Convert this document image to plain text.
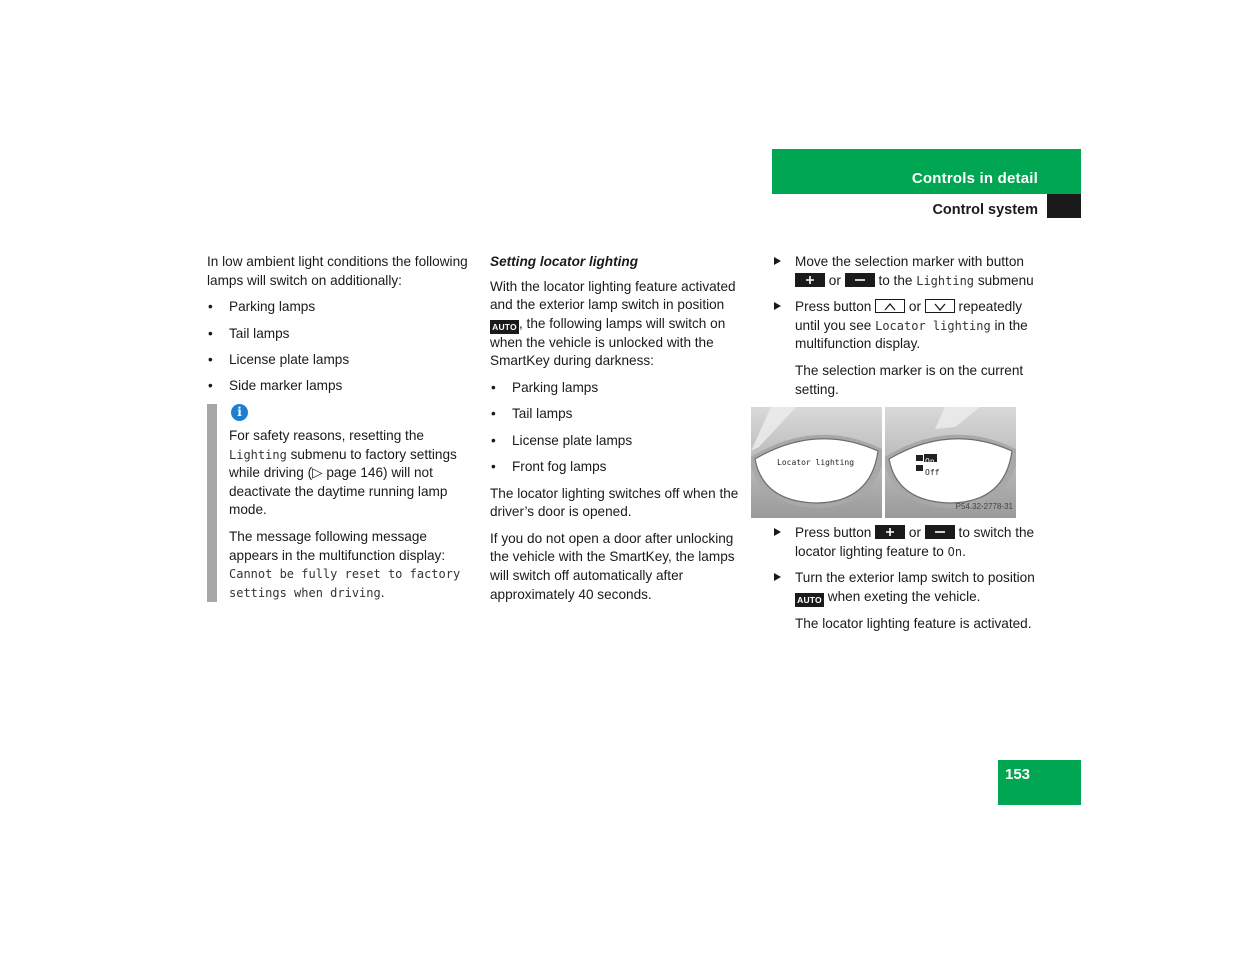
Controls in detail
Control system

In low ambient light conditions the following lamps will switch on additionally:

• Parking lamps
• Tail lamps
• License plate lamps
• Side marker lamps
i

For safety reasons, resetting the Lighting submenu to factory settings while driving (▷ page 146) will not deactivate the daytime running lamp mode.

The message following message appears in the multifunction display: Cannot be fully reset to factory settings when driving.

Setting locator lighting

With the locator lighting feature activated and the exterior lamp switch in position AUTO , the following lamps will switch on when the vehicle is unlocked with the SmartKey during darkness:

• Parking lamps
• Tail lamps
• License plate lamps
• Front fog lamps

The locator lighting switches off when the driver’s door is opened.

If you do not open a door after unlocking the vehicle with the SmartKey, the lamps will switch off automatically after approximately 40 seconds.

Move the selection marker with button  or	to the Lighting submenu
Press button	or	repeatedly until you see Locator lighting in the multifunction display.

The selection marker is on the current setting.

Locator lighting	On
Off
P54.32-2778-31
Press button	or	to switch the locator lighting feature to On.
Turn the exterior lamp switch to position AUTO when exeting the vehicle.

The locator lighting feature is activated.

153
